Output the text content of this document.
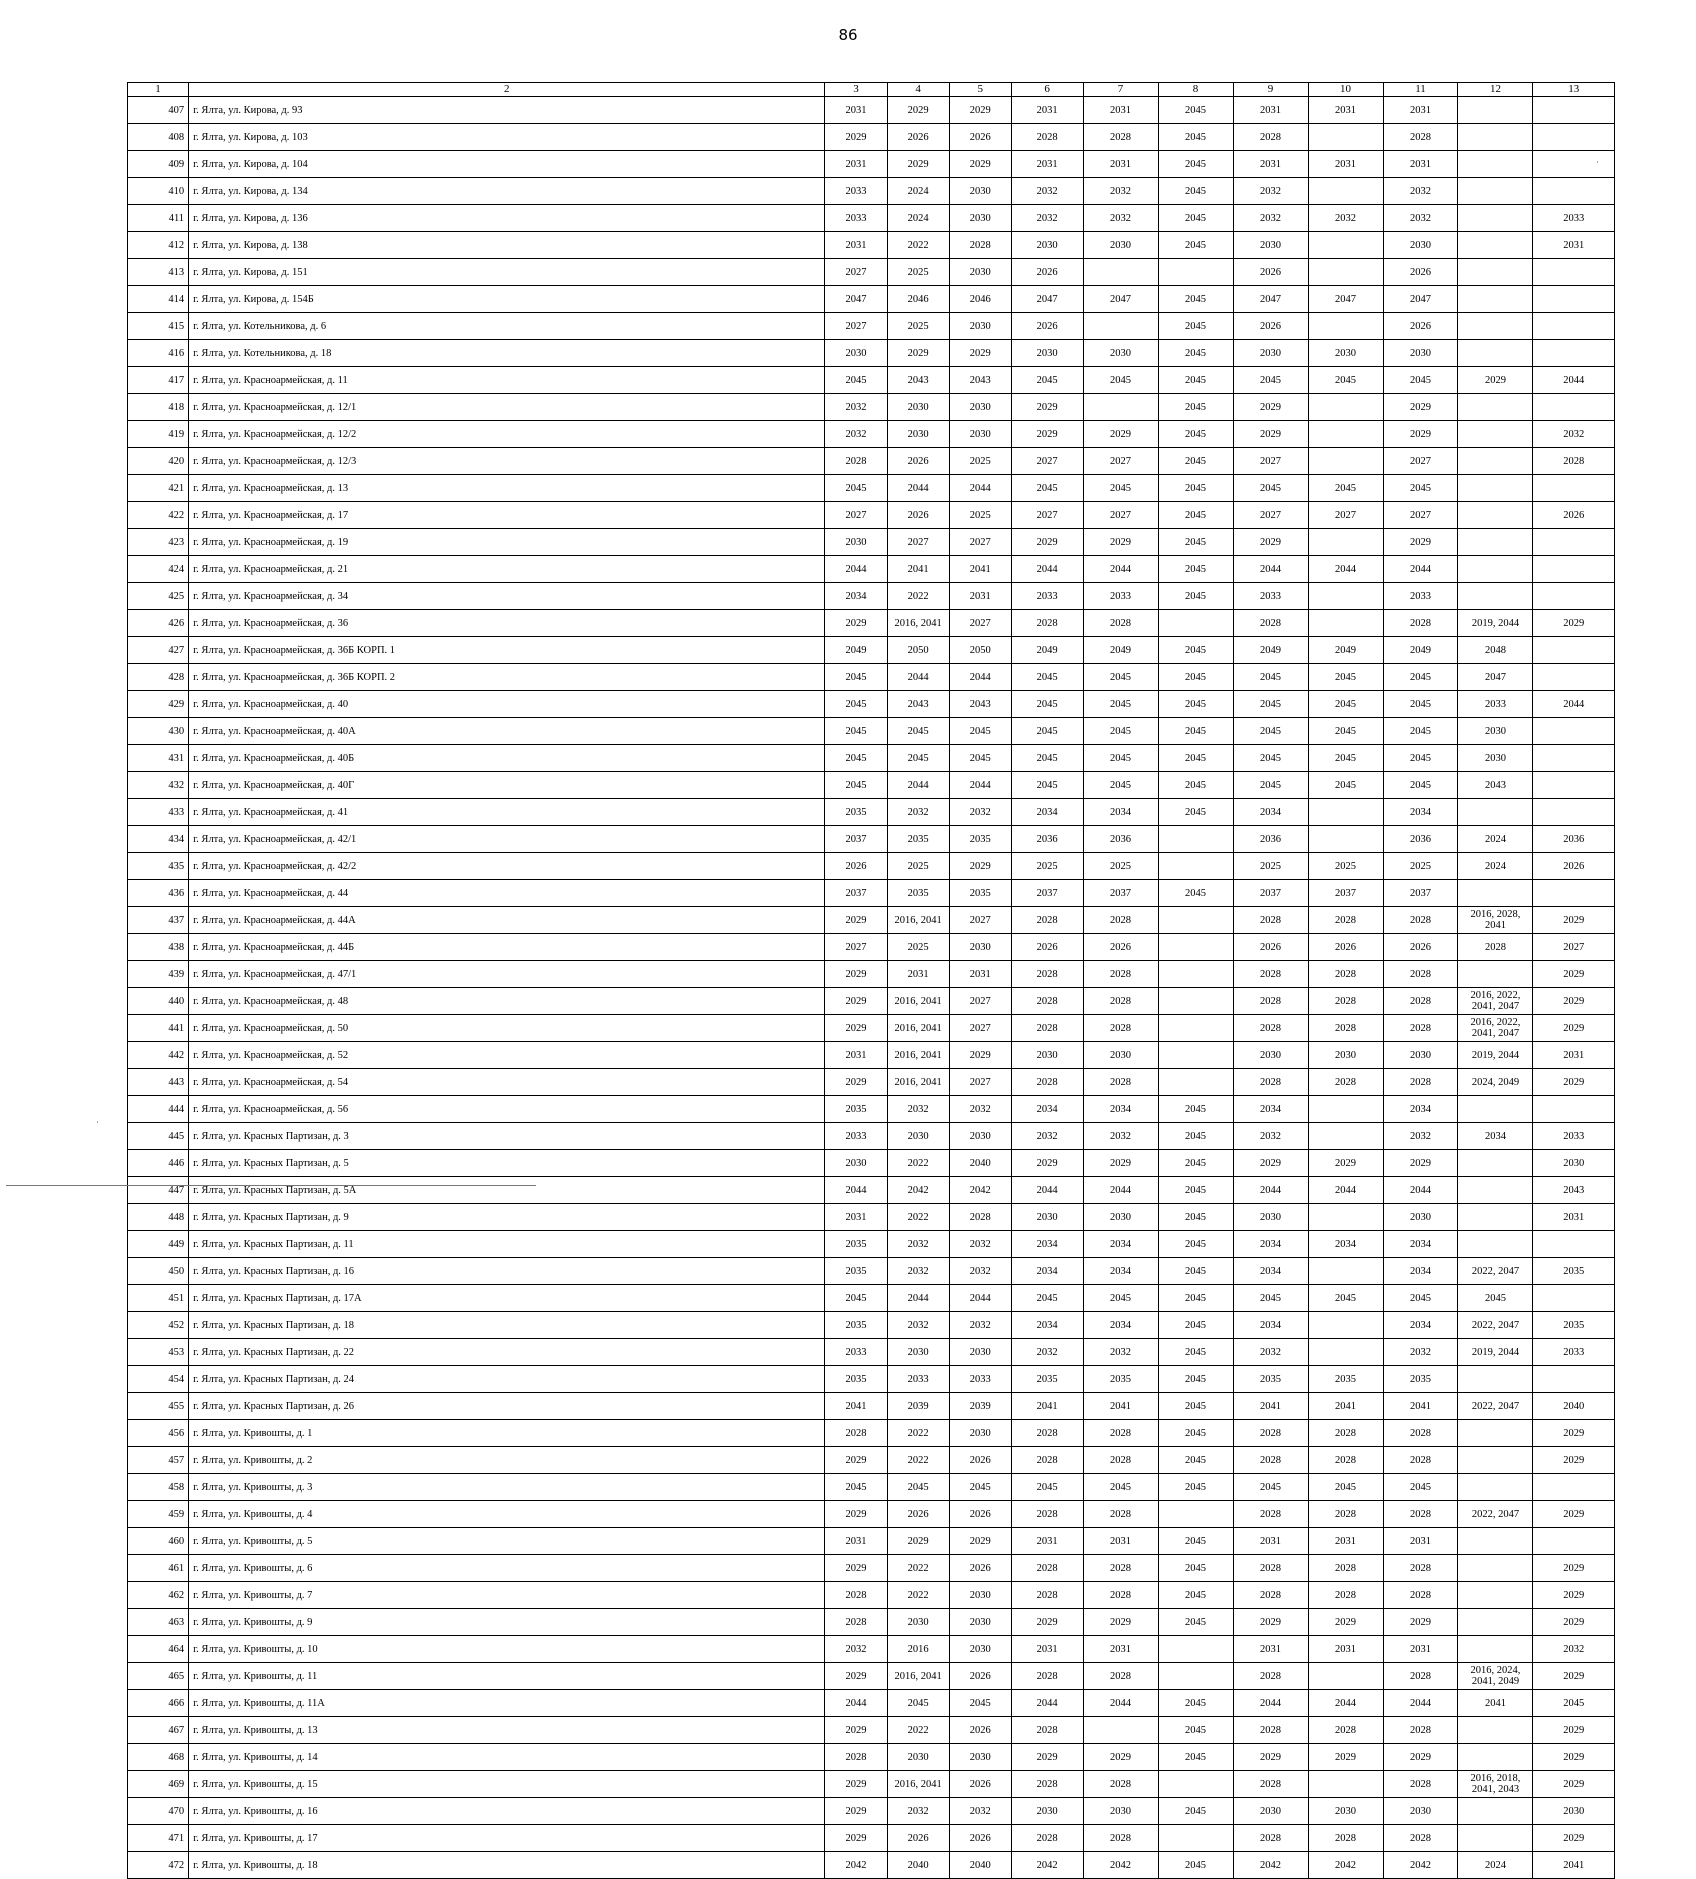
86
1	2	3	4	5	6	7	8	9	10	11	12	13
407	г. Ялта, ул. Кирова, д. 93	2031	2029	2029	2031	2031	2045	2031	2031	2031		
408	г. Ялта, ул. Кирова, д. 103	2029	2026	2026	2028	2028	2045	2028		2028		
409	г. Ялта, ул. Кирова, д. 104	2031	2029	2029	2031	2031	2045	2031	2031	2031		
410	г. Ялта, ул. Кирова, д. 134	2033	2024	2030	2032	2032	2045	2032		2032		
411	г. Ялта, ул. Кирова, д. 136	2033	2024	2030	2032	2032	2045	2032	2032	2032		2033
412	г. Ялта, ул. Кирова, д. 138	2031	2022	2028	2030	2030	2045	2030		2030		2031
413	г. Ялта, ул. Кирова, д. 151	2027	2025	2030	2026			2026		2026		
414	г. Ялта, ул. Кирова, д. 154Б	2047	2046	2046	2047	2047	2045	2047	2047	2047		
415	г. Ялта, ул. Котельникова, д. 6	2027	2025	2030	2026		2045	2026		2026		
416	г. Ялта, ул. Котельникова, д. 18	2030	2029	2029	2030	2030	2045	2030	2030	2030		
417	г. Ялта, ул. Красноармейская, д. 11	2045	2043	2043	2045	2045	2045	2045	2045	2045	2029	2044
418	г. Ялта, ул. Красноармейская, д. 12/1	2032	2030	2030	2029		2045	2029		2029		
419	г. Ялта, ул. Красноармейская, д. 12/2	2032	2030	2030	2029	2029	2045	2029		2029		2032
420	г. Ялта, ул. Красноармейская, д. 12/3	2028	2026	2025	2027	2027	2045	2027		2027		2028
421	г. Ялта, ул. Красноармейская, д. 13	2045	2044	2044	2045	2045	2045	2045	2045	2045		
422	г. Ялта, ул. Красноармейская, д. 17	2027	2026	2025	2027	2027	2045	2027	2027	2027		2026
423	г. Ялта, ул. Красноармейская, д. 19	2030	2027	2027	2029	2029	2045	2029		2029		
424	г. Ялта, ул. Красноармейская, д. 21	2044	2041	2041	2044	2044	2045	2044	2044	2044		
425	г. Ялта, ул. Красноармейская, д. 34	2034	2022	2031	2033	2033	2045	2033		2033		
426	г. Ялта, ул. Красноармейская, д. 36	2029	2016, 2041	2027	2028	2028		2028		2028	2019, 2044	2029
427	г. Ялта, ул. Красноармейская, д. 36Б КОРП. 1	2049	2050	2050	2049	2049	2045	2049	2049	2049	2048	
428	г. Ялта, ул. Красноармейская, д. 36Б КОРП. 2	2045	2044	2044	2045	2045	2045	2045	2045	2045	2047	
429	г. Ялта, ул. Красноармейская, д. 40	2045	2043	2043	2045	2045	2045	2045	2045	2045	2033	2044
430	г. Ялта, ул. Красноармейская, д. 40А	2045	2045	2045	2045	2045	2045	2045	2045	2045	2030	
431	г. Ялта, ул. Красноармейская, д. 40Б	2045	2045	2045	2045	2045	2045	2045	2045	2045	2030	
432	г. Ялта, ул. Красноармейская, д. 40Г	2045	2044	2044	2045	2045	2045	2045	2045	2045	2043	
433	г. Ялта, ул. Красноармейская, д. 41	2035	2032	2032	2034	2034	2045	2034		2034		
434	г. Ялта, ул. Красноармейская, д. 42/1	2037	2035	2035	2036	2036		2036		2036	2024	2036
435	г. Ялта, ул. Красноармейская, д. 42/2	2026	2025	2029	2025	2025		2025	2025	2025	2024	2026
436	г. Ялта, ул. Красноармейская, д. 44	2037	2035	2035	2037	2037	2045	2037	2037	2037		
437	г. Ялта, ул. Красноармейская, д. 44А	2029	2016, 2041	2027	2028	2028		2028	2028	2028	2016, 2028, 2041	2029
438	г. Ялта, ул. Красноармейская, д. 44Б	2027	2025	2030	2026	2026		2026	2026	2026	2028	2027
439	г. Ялта, ул. Красноармейская, д. 47/1	2029	2031	2031	2028	2028		2028	2028	2028		2029
440	г. Ялта, ул. Красноармейская, д. 48	2029	2016, 2041	2027	2028	2028		2028	2028	2028	2016, 2022, 2041, 2047	2029
441	г. Ялта, ул. Красноармейская, д. 50	2029	2016, 2041	2027	2028	2028		2028	2028	2028	2016, 2022, 2041, 2047	2029
442	г. Ялта, ул. Красноармейская, д. 52	2031	2016, 2041	2029	2030	2030		2030	2030	2030	2019, 2044	2031
443	г. Ялта, ул. Красноармейская, д. 54	2029	2016, 2041	2027	2028	2028		2028	2028	2028	2024, 2049	2029
444	г. Ялта, ул. Красноармейская, д. 56	2035	2032	2032	2034	2034	2045	2034		2034		
445	г. Ялта, ул. Красных Партизан, д. 3	2033	2030	2030	2032	2032	2045	2032		2032	2034	2033
446	г. Ялта, ул. Красных Партизан, д. 5	2030	2022	2040	2029	2029	2045	2029	2029	2029		2030
447	г. Ялта, ул. Красных Партизан, д. 5А	2044	2042	2042	2044	2044	2045	2044	2044	2044		2043
448	г. Ялта, ул. Красных Партизан, д. 9	2031	2022	2028	2030	2030	2045	2030		2030		2031
449	г. Ялта, ул. Красных Партизан, д. 11	2035	2032	2032	2034	2034	2045	2034	2034	2034		
450	г. Ялта, ул. Красных Партизан, д. 16	2035	2032	2032	2034	2034	2045	2034		2034	2022, 2047	2035
451	г. Ялта, ул. Красных Партизан, д. 17А	2045	2044	2044	2045	2045	2045	2045	2045	2045	2045	
452	г. Ялта, ул. Красных Партизан, д. 18	2035	2032	2032	2034	2034	2045	2034		2034	2022, 2047	2035
453	г. Ялта, ул. Красных Партизан, д. 22	2033	2030	2030	2032	2032	2045	2032		2032	2019, 2044	2033
454	г. Ялта, ул. Красных Партизан, д. 24	2035	2033	2033	2035	2035	2045	2035	2035	2035		
455	г. Ялта, ул. Красных Партизан, д. 26	2041	2039	2039	2041	2041	2045	2041	2041	2041	2022, 2047	2040
456	г. Ялта, ул. Кривошты, д. 1	2028	2022	2030	2028	2028	2045	2028	2028	2028		2029
457	г. Ялта, ул. Кривошты, д. 2	2029	2022	2026	2028	2028	2045	2028	2028	2028		2029
458	г. Ялта, ул. Кривошты, д. 3	2045	2045	2045	2045	2045	2045	2045	2045	2045		
459	г. Ялта, ул. Кривошты, д. 4	2029	2026	2026	2028	2028		2028	2028	2028	2022, 2047	2029
460	г. Ялта, ул. Кривошты, д. 5	2031	2029	2029	2031	2031	2045	2031	2031	2031		
461	г. Ялта, ул. Кривошты, д. 6	2029	2022	2026	2028	2028	2045	2028	2028	2028		2029
462	г. Ялта, ул. Кривошты, д. 7	2028	2022	2030	2028	2028	2045	2028	2028	2028		2029
463	г. Ялта, ул. Кривошты, д. 9	2028	2030	2030	2029	2029	2045	2029	2029	2029		2029
464	г. Ялта, ул. Кривошты, д. 10	2032	2016	2030	2031	2031		2031	2031	2031		2032
465	г. Ялта, ул. Кривошты, д. 11	2029	2016, 2041	2026	2028	2028		2028		2028	2016, 2024, 2041, 2049	2029
466	г. Ялта, ул. Кривошты, д. 11А	2044	2045	2045	2044	2044	2045	2044	2044	2044	2041	2045
467	г. Ялта, ул. Кривошты, д. 13	2029	2022	2026	2028		2045	2028	2028	2028		2029
468	г. Ялта, ул. Кривошты, д. 14	2028	2030	2030	2029	2029	2045	2029	2029	2029		2029
469	г. Ялта, ул. Кривошты, д. 15	2029	2016, 2041	2026	2028	2028		2028		2028	2016, 2018, 2041, 2043	2029
470	г. Ялта, ул. Кривошты, д. 16	2029	2032	2032	2030	2030	2045	2030	2030	2030		2030
471	г. Ялта, ул. Кривошты, д. 17	2029	2026	2026	2028	2028		2028	2028	2028		2029
472	г. Ялта, ул. Кривошты, д. 18	2042	2040	2040	2042	2042	2045	2042	2042	2042	2024	2041
·
·
